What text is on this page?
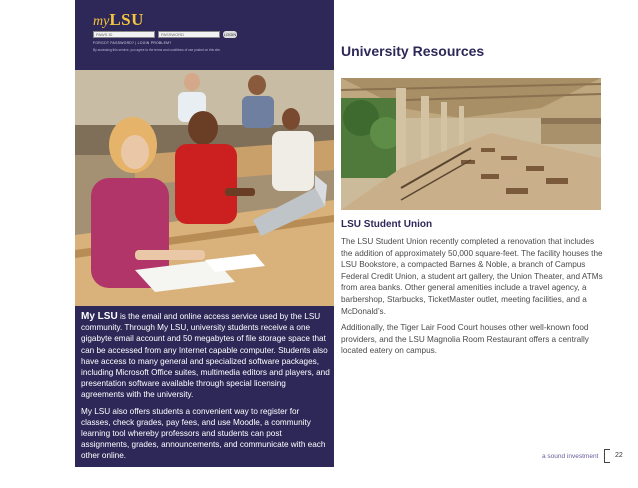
myLSU
PAWS ID	PASSWORD	LOGIN
FORGOT PASSWORD? | LOGIN PROBLEM?
By accessing this service, you agree to the terms and conditions of use posted on this site.

My LSU is the email and online access service used by the LSU community. Through My LSU, university students receive a one gigabyte email account and 50 megabytes of file storage space that can be accessed from any Internet capable computer. Students also have access to many general and specialized software packages, including Microsoft Office suites, multimedia editors and players, and presentation software available through special licensing agreements with the university.

My LSU also offers students a convenient way to register for classes, check grades, pay fees, and use Moodle, a community learning tool whereby professors and students can post assignments, grades, announcements, and communicate with each other online.

University Resources
LSU Student Union

The LSU Student Union recently completed a renovation that includes the addition of approximately 50,000 square-feet. The facility houses the LSU Bookstore, a compacted Barnes & Noble, a branch of Campus Federal Credit Union, a student art gallery, the Union Theater, and ATMs from area banks. Other general amenities include a travel agency, a barbershop, Starbucks, TicketMaster outlet, meeting facilities, and a McDonald’s.

Additionally, the Tiger Lair Food Court houses other well-known food providers, and the LSU Magnolia Room Restaurant offers a centrally located eatery on campus.

a sound investment 22
